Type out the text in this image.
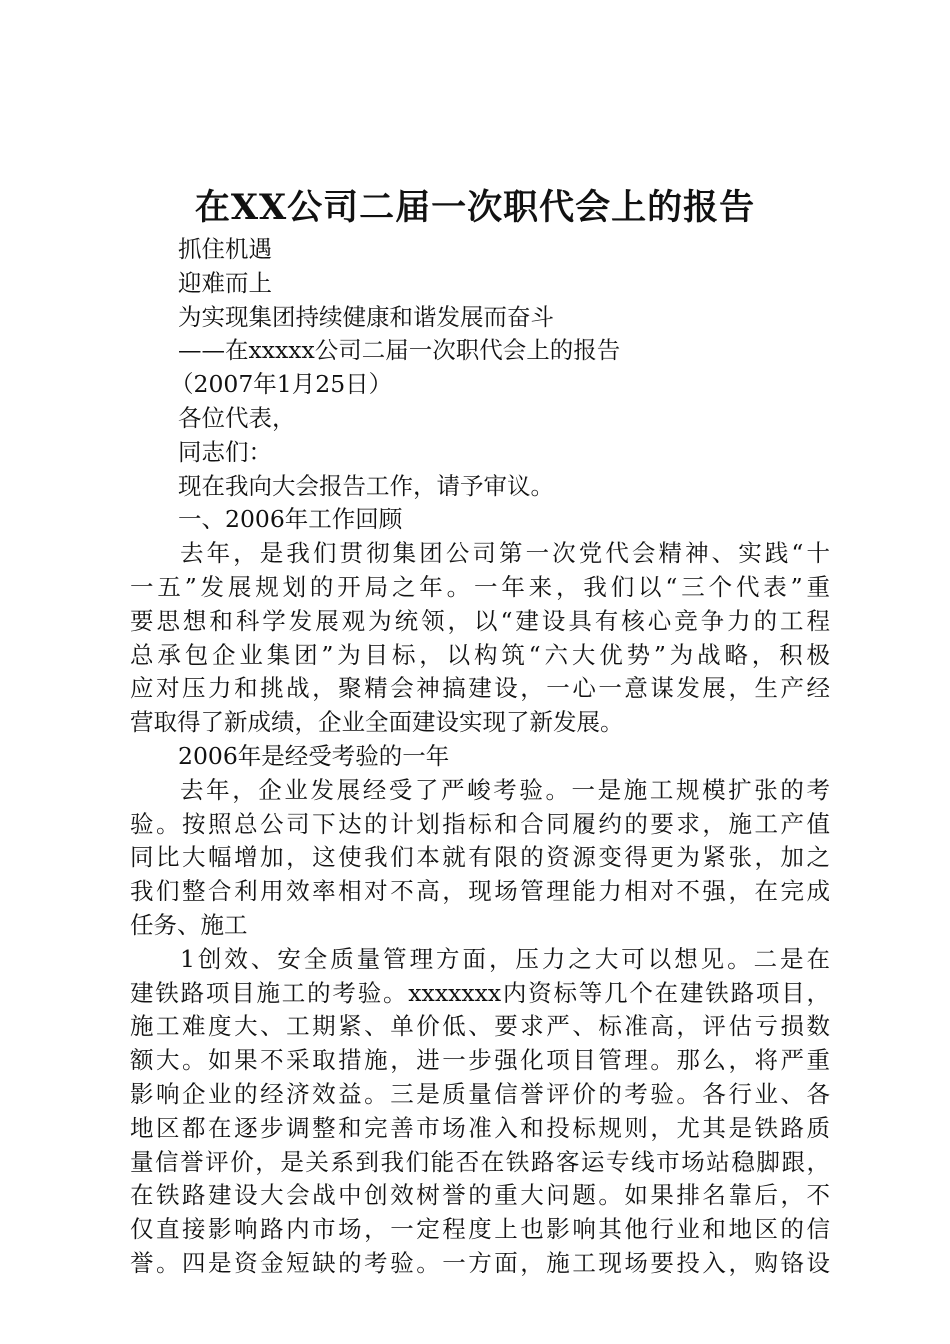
在XX公司二届一次职代会上的报告
抓住机遇
迎难而上
为实现集团持续健康和谐发展而奋斗
——在xxxxx公司二届一次职代会上的报告
（2007年1月25日）
各位代表，
同志们：
现在我向大会报告工作，请予审议。
一、2006年工作回顾
去年，是我们贯彻集团公司第一次党代会精神、实践“十
一五”发展规划的开局之年。一年来，我们以“三个代表”重
要思想和科学发展观为统领，以“建设具有核心竞争力的工程
总承包企业集团”为目标，以构筑“六大优势”为战略，积极
应对压力和挑战，聚精会神搞建设，一心一意谋发展，生产经
营取得了新成绩，企业全面建设实现了新发展。
2006年是经受考验的一年
去年，企业发展经受了严峻考验。一是施工规模扩张的考
验。按照总公司下达的计划指标和合同履约的要求，施工产值
同比大幅增加，这使我们本就有限的资源变得更为紧张，加之
我们整合利用效率相对不高，现场管理能力相对不强，在完成
任务、施工
1创效、安全质量管理方面，压力之大可以想见。二是在
建铁路项目施工的考验。xxxxxxx内资标等几个在建铁路项目，
施工难度大、工期紧、单价低、要求严、标准高，评估亏损数
额大。如果不采取措施，进一步强化项目管理。那么，将严重
影响企业的经济效益。三是质量信誉评价的考验。各行业、各
地区都在逐步调整和完善市场准入和投标规则，尤其是铁路质
量信誉评价，是关系到我们能否在铁路客运专线市场站稳脚跟，
在铁路建设大会战中创效树誉的重大问题。如果排名靠后，不
仅直接影响路内市场，一定程度上也影响其他行业和地区的信
誉。四是资金短缺的考验。一方面，施工现场要投入，购铬设
